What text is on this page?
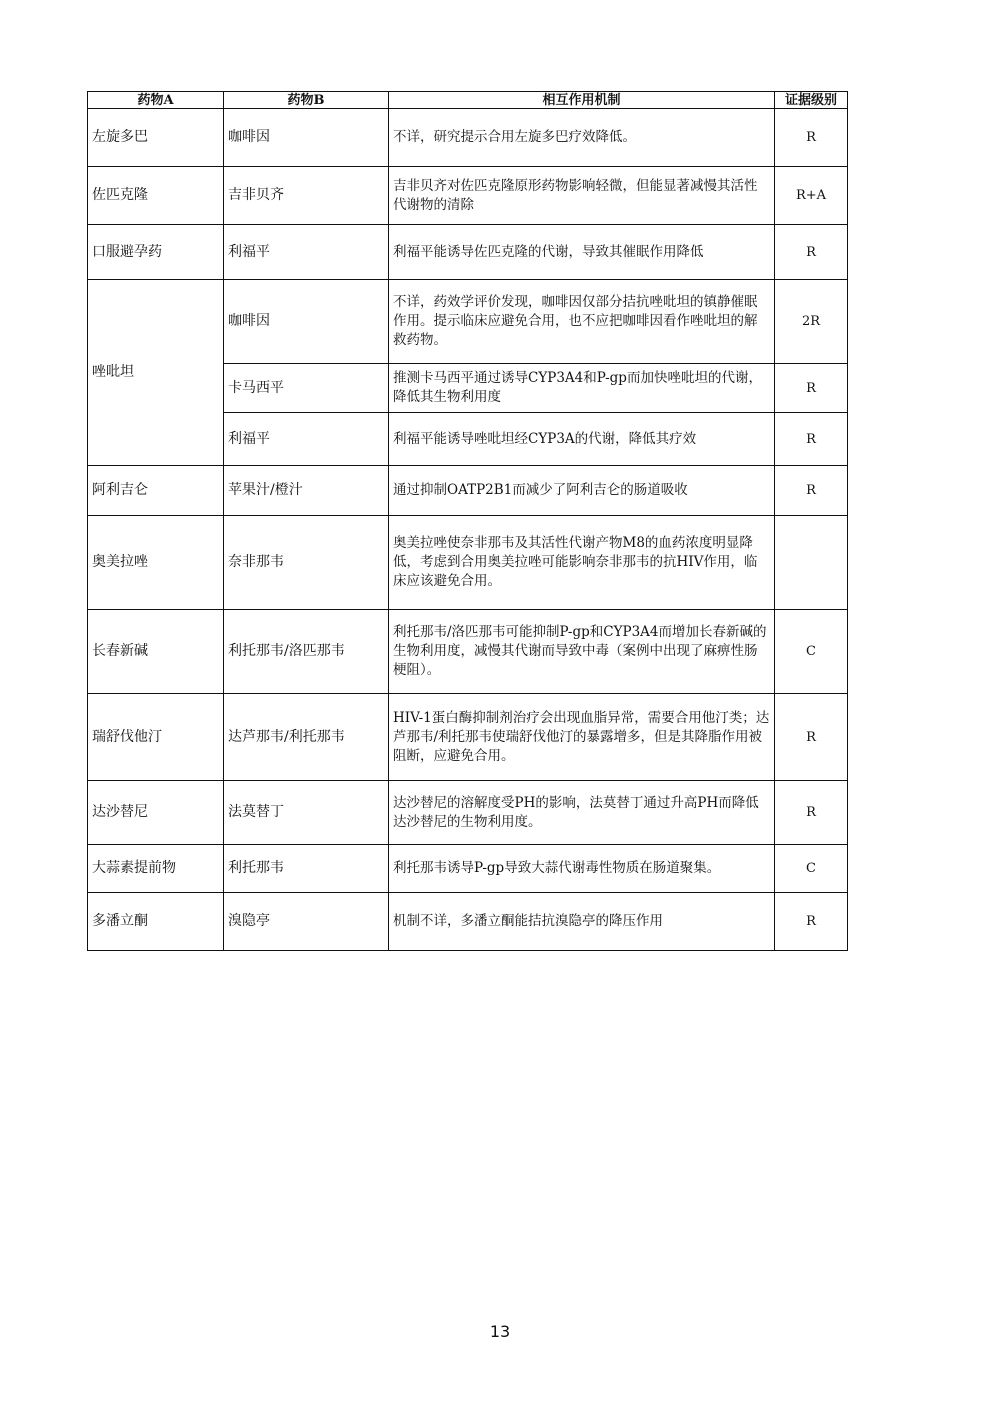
药物A	药物B	相互作用机制	证据级别
左旋多巴	咖啡因	不详，研究提示合用左旋多巴疗效降低。	R
佐匹克隆	吉非贝齐	吉非贝齐对佐匹克隆原形药物影响轻微，但能显著减慢其活性代谢物的清除	R+A
口服避孕药	利福平	利福平能诱导佐匹克隆的代谢，导致其催眠作用降低	R
唑吡坦	咖啡因	不详，药效学评价发现，咖啡因仅部分拮抗唑吡坦的镇静催眠作用。提示临床应避免合用，也不应把咖啡因看作唑吡坦的解救药物。	2R
	卡马西平	推测卡马西平通过诱导CYP3A4和P-gp而加快唑吡坦的代谢，降低其生物利用度	R
	利福平	利福平能诱导唑吡坦经CYP3A的代谢，降低其疗效	R
阿利吉仑	苹果汁/橙汁	通过抑制OATP2B1而减少了阿利吉仑的肠道吸收	R
奥美拉唑	奈非那韦	奥美拉唑使奈非那韦及其活性代谢产物M8的血药浓度明显降低，考虑到合用奥美拉唑可能影响奈非那韦的抗HIV作用，临床应该避免合用。	
长春新碱	利托那韦/洛匹那韦	利托那韦/洛匹那韦可能抑制P-gp和CYP3A4而增加长春新碱的生物利用度，减慢其代谢而导致中毒（案例中出现了麻痹性肠梗阻）。	C
瑞舒伐他汀	达芦那韦/利托那韦	HIV-1蛋白酶抑制剂治疗会出现血脂异常，需要合用他汀类；达芦那韦/利托那韦使瑞舒伐他汀的暴露增多，但是其降脂作用被阻断，应避免合用。	R
达沙替尼	法莫替丁	达沙替尼的溶解度受PH的影响，法莫替丁通过升高PH而降低达沙替尼的生物利用度。	R
大蒜素提前物	利托那韦	利托那韦诱导P-gp导致大蒜代谢毒性物质在肠道聚集。	C
多潘立酮	溴隐亭	机制不详，多潘立酮能拮抗溴隐亭的降压作用	R
13
